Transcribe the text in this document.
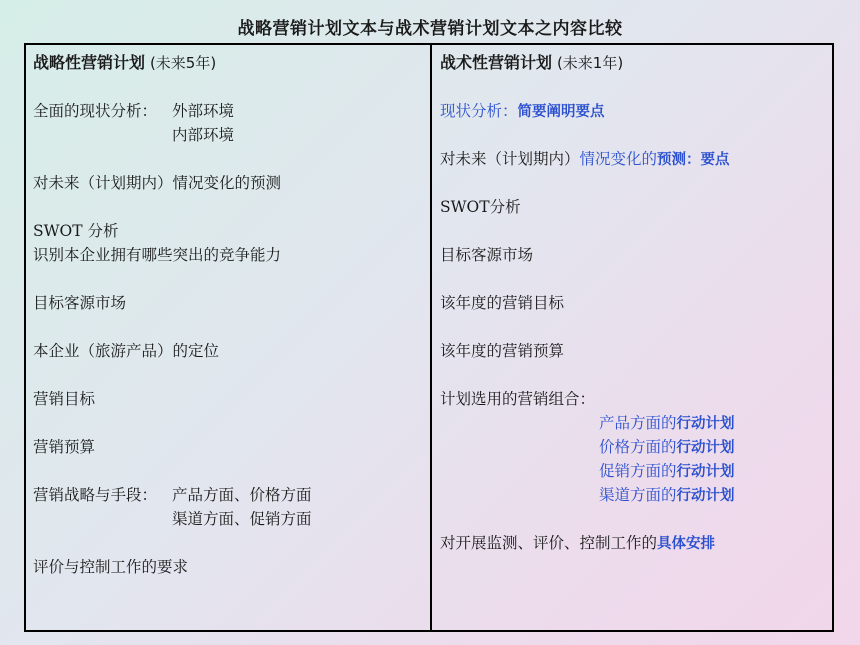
战略营销计划文本与战术营销计划文本之内容比较
战略性营销计划 (未来5年)
全面的现状分析： 外部环境
内部环境
对未来（计划期内）情况变化的预测
SWOT 分析
识别本企业拥有哪些突出的竞争能力
目标客源市场
本企业（旅游产品）的定位
营销目标
营销预算
营销战略与手段： 产品方面、价格方面
渠道方面、促销方面
评价与控制工作的要求
战术性营销计划 (未来1年)
现状分析：简要阐明要点
对未来（计划期内）情况变化的预测：要点
SWOT分析
目标客源市场
该年度的营销目标
该年度的营销预算
计划选用的营销组合：
产品方面的行动计划
价格方面的行动计划
促销方面的行动计划
渠道方面的行动计划
对开展监测、评价、控制工作的具体安排
